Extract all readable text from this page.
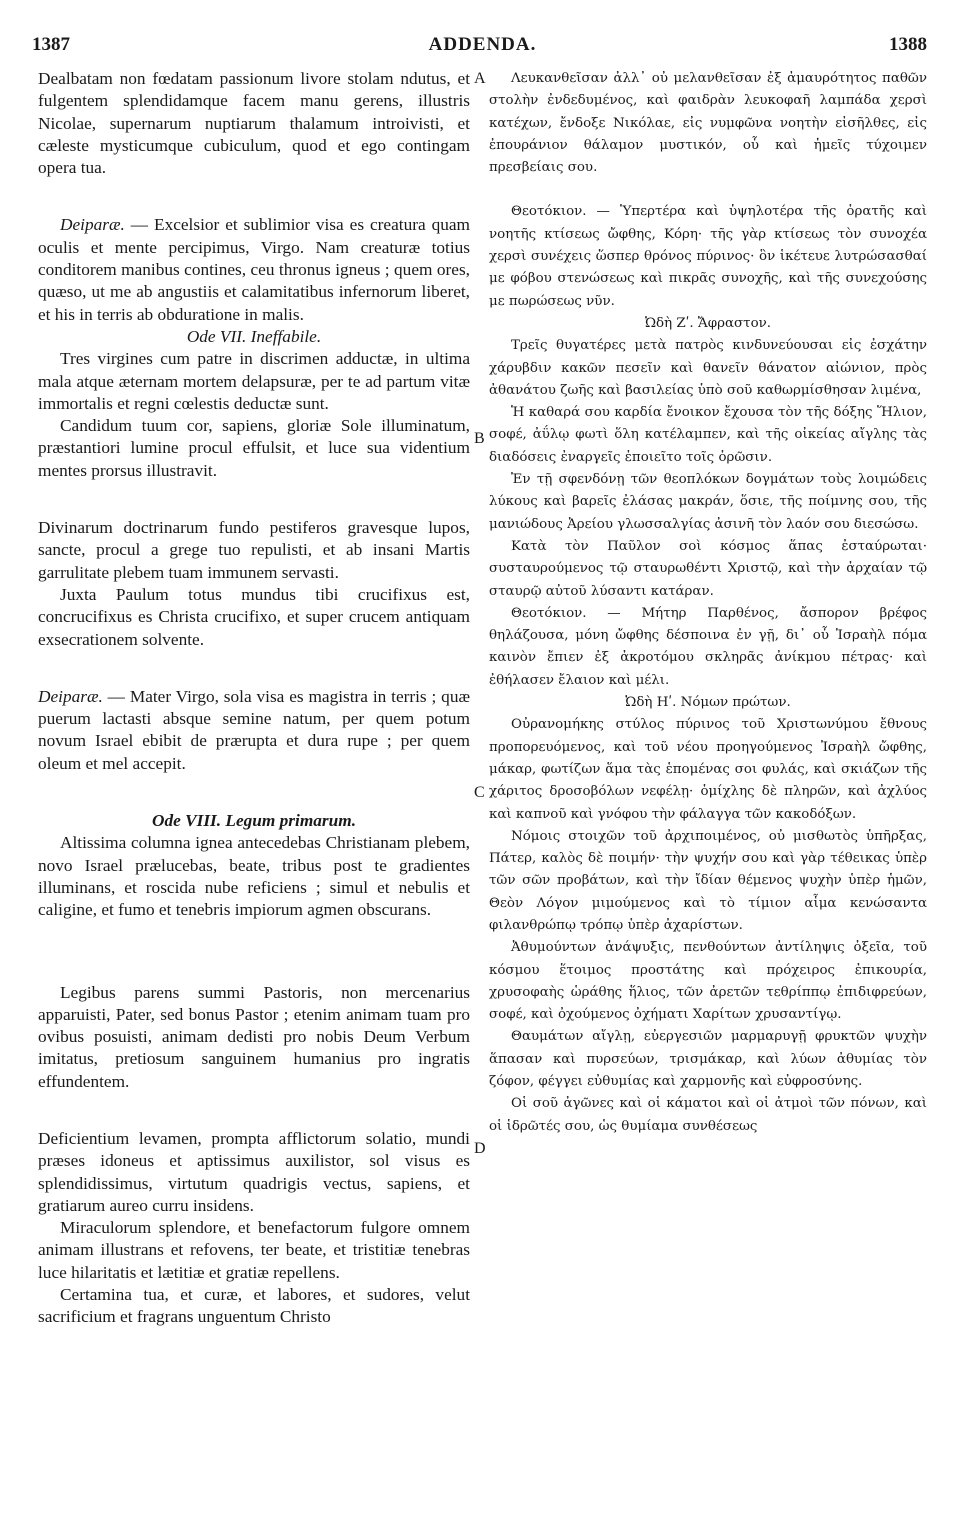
1387	ADDENDA.	1388
A
B
C
D

Dealbatam non fœdatam passionum livore stolam ndutus, et fulgentem splendidamque facem manu gerens, illustris Nicolae, supernarum nuptiarum thalamum introivisti, et cæleste mysticumque cubiculum, quod et ego contingam opera tua.

Deiparæ. — Excelsior et sublimior visa es creatura quam oculis et mente percipimus, Virgo. Nam creaturæ totius conditorem manibus contines, ceu thronus igneus ; quem ores, quæso, ut me ab angustiis et calamitatibus infernorum liberet, et his in terris ab obduratione in malis.

Ode VII. Ineffabile.

Tres virgines cum patre in discrimen adductæ, in ultima mala atque æternam mortem delapsuræ, per te ad partum vitæ immortalis et regni cœlestis deductæ sunt.

Candidum tuum cor, sapiens, gloriæ Sole illuminatum, præstantiori lumine procul effulsit, et luce sua videntium mentes prorsus illustravit.

Divinarum doctrinarum fundo pestiferos gravesque lupos, sancte, procul a grege tuo repulisti, et ab insani Martis garrulitate plebem tuam immunem servasti.

Juxta Paulum totus mundus tibi crucifixus est, concrucifixus es Christa crucifixo, et super crucem antiquam exsecrationem solvente.

Deiparæ. — Mater Virgo, sola visa es magistra in terris ; quæ puerum lactasti absque semine natum, per quem potum novum Israel ebibit de prærupta et dura rupe ; per quem oleum et mel accepit.

Ode VIII. Legum primarum.

Altissima columna ignea antecedebas Christianam plebem, novo Israel prælucebas, beate, tribus post te gradientes illuminans, et roscida nube reficiens ; simul et nebulis et caligine, et fumo et tenebris impiorum agmen obscurans.

Legibus parens summi Pastoris, non mercenarius apparuisti, Pater, sed bonus Pastor ; etenim animam tuam pro ovibus posuisti, animam dedisti pro nobis Deum Verbum imitatus, pretiosum sanguinem humanius pro ingratis effundentem.

Deficientium levamen, prompta afflictorum solatio, mundi præses idoneus et aptissimus auxilistor, sol visus es splendidissimus, virtutum quadrigis vectus, sapiens, et gratiarum aureo curru insidens.

Miraculorum splendore, et benefactorum fulgore omnem animam illustrans et refovens, ter beate, et tristitiæ tenebras luce hilaritatis et lætitiæ et gratiæ repellens.

Certamina tua, et curæ, et labores, et sudores, velut sacrificium et fragrans unguentum Christo

Λευκανθεῖσαν ἀλλ᾽ οὐ μελανθεῖσαν ἐξ ἀμαυρότητος παθῶν στολὴν ἐνδεδυμένος, καὶ φαιδρὰν λευκοφαῆ λαμπάδα χερσὶ κατέχων, ἔνδοξε Νικόλαε, εἰς νυμφῶνα νοητὴν εἰσῆλθες, εἰς ἐπουράνιον θάλαμον μυστικόν, οὗ καὶ ἡμεῖς τύχοιμεν πρεσβείαις σου.

Θεοτόκιον. — Ὑπερτέρα καὶ ὑψηλοτέρα τῆς ὁρατῆς καὶ νοητῆς κτίσεως ὤφθης, Κόρη· τῆς γὰρ κτίσεως τὸν συνοχέα χερσὶ συνέχεις ὥσπερ θρόνος πύρινος· ὃν ἱκέτευε λυτρώσασθαί με φόβου στενώσεως καὶ πικρᾶς συνοχῆς, καὶ τῆς συνεχούσης με πωρώσεως νῦν.

Ὠδὴ Ζʹ. Ἄφραστον.

Τρεῖς θυγατέρες μετὰ πατρὸς κινδυνεύουσαι εἰς ἐσχάτην χάρυβδιν κακῶν πεσεῖν καὶ θανεῖν θάνατον αἰώνιον, πρὸς ἀθανάτου ζωῆς καὶ βασιλείας ὑπὸ σοῦ καθωρμίσθησαν λιμένα,

Ἡ καθαρά σου καρδία ἔνοικον ἔχουσα τὸν τῆς δόξης Ἥλιον, σοφέ, ἀΰλῳ φωτὶ ὅλη κατέλαμπεν, καὶ τῆς οἰκείας αἴγλης τὰς διαδόσεις ἐναργεῖς ἐποιεῖτο τοῖς ὁρῶσιν.

Ἐν τῇ σφενδόνῃ τῶν θεοπλόκων δογμάτων τοὺς λοιμώδεις λύκους καὶ βαρεῖς ἐλάσας μακράν, ὅσιε, τῆς ποίμνης σου, τῆς μανιώδους Ἀρείου γλωσσαλγίας ἀσινῆ τὸν λαόν σου διεσώσω.

Κατὰ τὸν Παῦλον σοὶ κόσμος ἅπας ἐσταύρωται· συσταυρούμενος τῷ σταυρωθέντι Χριστῷ, καὶ τὴν ἀρχαίαν τῷ σταυρῷ αὐτοῦ λύσαντι κατάραν.

Θεοτόκιον. — Μήτηρ Παρθένος, ἄσπορον βρέφος θηλάζουσα, μόνη ὤφθης δέσποινα ἐν γῇ, δι᾽ οὗ Ἰσραὴλ πόμα καινὸν ἔπιεν ἐξ ἀκροτόμου σκληρᾶς ἀνίκμου πέτρας· καὶ ἐθήλασεν ἔλαιον καὶ μέλι.

Ὠδὴ Ηʹ. Νόμων πρώτων.

Οὐρανομήκης στύλος πύρινος τοῦ Χριστωνύμου ἔθνους προπορευόμενος, καὶ τοῦ νέου προηγούμενος Ἰσραὴλ ὤφθης, μάκαρ, φωτίζων ἅμα τὰς ἑπομένας σοι φυλάς, καὶ σκιάζων τῆς χάριτος δροσοβόλων νεφέλῃ· ὁμίχλης δὲ πληρῶν, καὶ ἀχλύος καὶ καπνοῦ καὶ γνόφου τὴν φάλαγγα τῶν κακοδόξων.

Νόμοις στοιχῶν τοῦ ἀρχιποιμένος, οὐ μισθωτὸς ὑπῆρξας, Πάτερ, καλὸς δὲ ποιμήν· τὴν ψυχήν σου καὶ γὰρ τέθεικας ὑπὲρ τῶν σῶν προβάτων, καὶ τὴν ἴδίαν θέμενος ψυχὴν ὑπὲρ ἡμῶν, Θεὸν Λόγον μιμούμενος καὶ τὸ τίμιον αἷμα κενώσαντα φιλανθρώπῳ τρόπῳ ὑπὲρ ἀχαρίστων.

Ἀθυμούντων ἀνάψυξις, πενθούντων ἀντίληψις ὀξεῖα, τοῦ κόσμου ἕτοιμος προστάτης καὶ πρόχειρος ἐπικουρία, χρυσοφαὴς ὡράθης ἥλιος, τῶν ἀρετῶν τεθρίππῳ ἐπιδιφρεύων, σοφέ, καὶ ὀχούμενος ὀχήματι Χαρίτων χρυσαντίγῳ.

Θαυμάτων αἴγλῃ, εὐεργεσιῶν μαρμαρυγῇ φρυκτῶν ψυχὴν ἅπασαν καὶ πυρσεύων, τρισμάκαρ, καὶ λύων ἀθυμίας τὸν ζόφον, φέγγει εὐθυμίας καὶ χαρμονῆς καὶ εὐφροσύνης.

Οἱ σοῦ ἀγῶνες καὶ οἱ κάματοι καὶ οἱ ἀτμοὶ τῶν πόνων, καὶ οἱ ἱδρῶτές σου, ὡς θυμίαμα συνθέσεως
